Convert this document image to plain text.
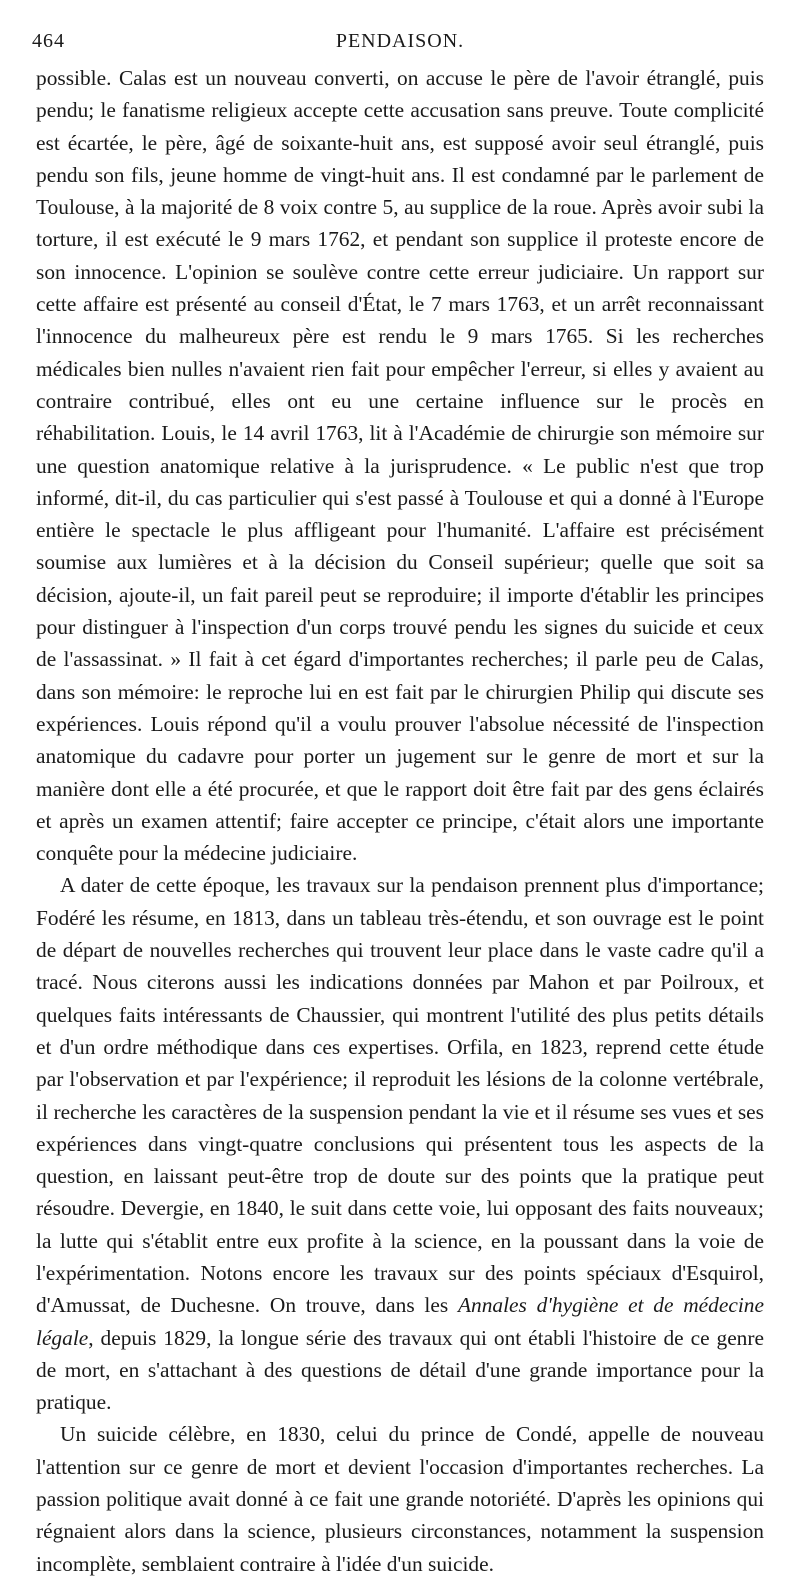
464	PENDAISON.

possible. Calas est un nouveau converti, on accuse le père de l'avoir étranglé, puis pendu; le fanatisme religieux accepte cette accusation sans preuve. Toute complicité est écartée, le père, âgé de soixante-huit ans, est supposé avoir seul étranglé, puis pendu son fils, jeune homme de vingt-huit ans. Il est condamné par le parlement de Toulouse, à la majorité de 8 voix contre 5, au supplice de la roue. Après avoir subi la torture, il est exécuté le 9 mars 1762, et pendant son supplice il proteste encore de son innocence. L'opinion se soulève contre cette erreur judiciaire. Un rapport sur cette affaire est présenté au conseil d'État, le 7 mars 1763, et un arrêt reconnaissant l'innocence du malheureux père est rendu le 9 mars 1765. Si les recherches médicales bien nulles n'avaient rien fait pour empêcher l'erreur, si elles y avaient au contraire contribué, elles ont eu une certaine influence sur le procès en réhabilitation. Louis, le 14 avril 1763, lit à l'Académie de chirurgie son mémoire sur une question anatomique relative à la jurisprudence. « Le public n'est que trop informé, dit-il, du cas particulier qui s'est passé à Toulouse et qui a donné à l'Europe entière le spectacle le plus affligeant pour l'humanité. L'affaire est précisément soumise aux lumières et à la décision du Conseil supérieur; quelle que soit sa décision, ajoute-il, un fait pareil peut se reproduire; il importe d'établir les principes pour distinguer à l'inspection d'un corps trouvé pendu les signes du suicide et ceux de l'assassinat. » Il fait à cet égard d'importantes recherches; il parle peu de Calas, dans son mémoire: le reproche lui en est fait par le chirurgien Philip qui discute ses expériences. Louis répond qu'il a voulu prouver l'absolue nécessité de l'inspection anatomique du cadavre pour porter un jugement sur le genre de mort et sur la manière dont elle a été procurée, et que le rapport doit être fait par des gens éclairés et après un examen attentif; faire accepter ce principe, c'était alors une importante conquête pour la médecine judiciaire.

A dater de cette époque, les travaux sur la pendaison prennent plus d'importance; Fodéré les résume, en 1813, dans un tableau très-étendu, et son ouvrage est le point de départ de nouvelles recherches qui trouvent leur place dans le vaste cadre qu'il a tracé. Nous citerons aussi les indications données par Mahon et par Poilroux, et quelques faits intéressants de Chaussier, qui montrent l'utilité des plus petits détails et d'un ordre méthodique dans ces expertises. Orfila, en 1823, reprend cette étude par l'observation et par l'expérience; il reproduit les lésions de la colonne vertébrale, il recherche les caractères de la suspension pendant la vie et il résume ses vues et ses expériences dans vingt-quatre conclusions qui présentent tous les aspects de la question, en laissant peut-être trop de doute sur des points que la pratique peut résoudre. Devergie, en 1840, le suit dans cette voie, lui opposant des faits nouveaux; la lutte qui s'établit entre eux profite à la science, en la poussant dans la voie de l'expérimentation. Notons encore les travaux sur des points spéciaux d'Esquirol, d'Amussat, de Duchesne. On trouve, dans les Annales d'hygiène et de médecine légale, depuis 1829, la longue série des travaux qui ont établi l'histoire de ce genre de mort, en s'attachant à des questions de détail d'une grande importance pour la pratique.

Un suicide célèbre, en 1830, celui du prince de Condé, appelle de nouveau l'attention sur ce genre de mort et devient l'occasion d'importantes recherches. La passion politique avait donné à ce fait une grande notoriété. D'après les opinions qui régnaient alors dans la science, plusieurs circonstances, notamment la suspension incomplète, semblaient contraire à l'idée d'un suicide.
